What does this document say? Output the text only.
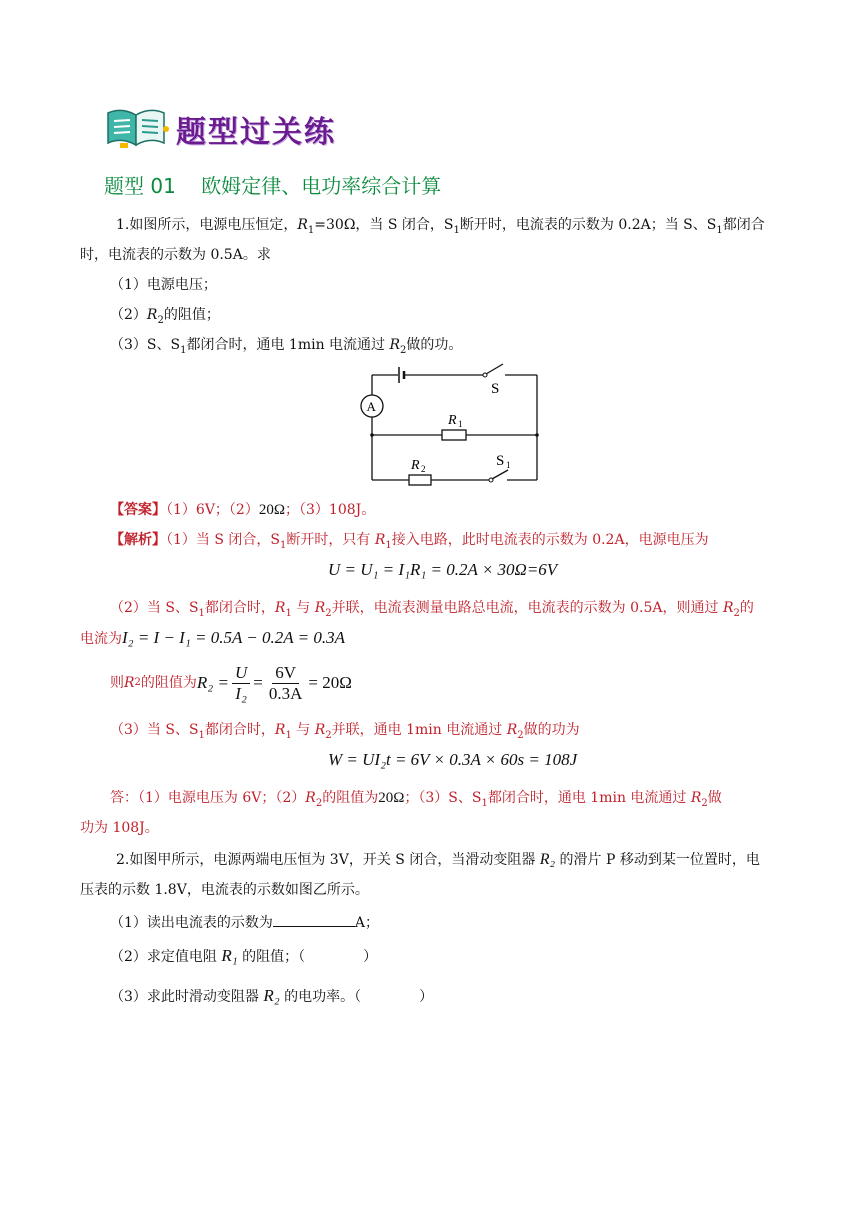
题型过关练
题型 01    欧姆定律、电功率综合计算
1.如图所示，电源电压恒定，$R_1=30\Omega$，当 S 闭合，$S_1$断开时，电流表的示数为 0.2A；当 S、$S_1$都闭合
时，电流表的示数为 0.5A。求
（1）电源电压；
$(2)R_2$的阻值；
（3）S、$S_1$都闭合时，通电 1min 电流通过 $R_2$做的功。
S
A
R 1
R 2	S 1
【答案】（1）6V；（2）20Ω；（3）108J。
【解析】（1）当 S 闭合，$S_1$断开时，只有 $R_1$接入电路，此时电流表的示数为 0.2A，电源电压为
U = U₁ = I₁R₁ = 0.2A × 30Ω=6V
（2）当 S、$S_1$都闭合时，$R_1$ 与 $R_2$并联，电流表测量电路总电流，电流表的示数为 0.5A，则通过 $R_2$的
电流为I₂ = I − I₁ = 0.5A − 0.2A = 0.3A
则 R 2 的阻值为 $R_2 = \frac{U}{\text{I₂}} = \frac{6V}{0.3A} = 20\Omega$
（3）当 S、$S_1$都闭合时，$R_1$ 与 $R_2$并联，通电 1min 电流通过 $R_2$做的功为
W = UI₂t = 6V × 0.3A × 60s = 108J
答：（1）电源电压为 6V；$(2)R_2$的阻值为20Ω；（3）S、$S_1$都闭合时，通电 1min 电流通过 $R_2$做
功为 108J。
2.如图甲所示，电源两端电压恒为 3V，开关 S 闭合，当滑动变阻器 R₂ 的滑片 P 移动到某一位置时，电
压表的示数 1.8V，电流表的示数如图乙所示。
（1）读出电流表的示数为	A；
（2）求定值电阻 R₁ 的阻值；（	）
（3）求此时滑动变阻器 R₂ 的电功率。（	）
